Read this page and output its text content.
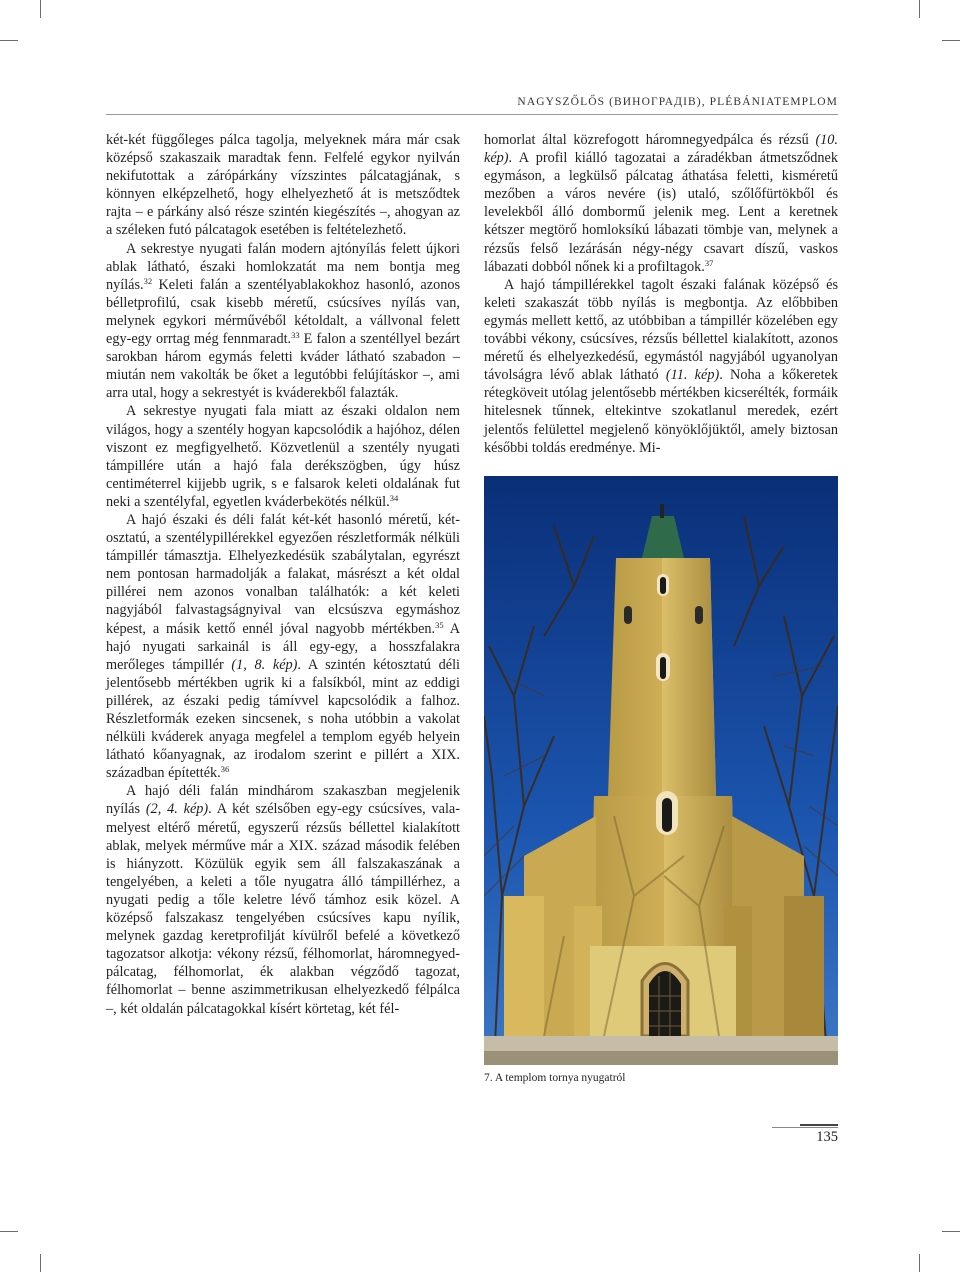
NAGYSZŐLŐS (ВИНОГРАДІВ), PLÉBÁNIATEMPLOM

két-két függőleges pálca tagolja, melyeknek mára már csak középső szakaszaik maradtak fenn. Felfelé egykor nyilván nekifutottak a zárópárkány vízszintes pálcatagjának, s könnyen elképzelhető, hogy elhelyezhető át is metsződtek rajta – e párkány alsó része szintén kiegészítés –, ahogyan az a széleken futó pálcatagok esetében is feltételezhető.

A sekrestye nyugati falán modern ajtónyílás felett újkori ablak látható, északi homlokzatát ma nem bontja meg nyílás.$^{32}$ Keleti falán a szentélyablakokhoz hasonló, azonos bélletprofilú, csak kisebb méretű, csúcsíves nyílás van, melynek egykori mérművéből kétoldalt, a vállvonal felett egy-egy orrtag még fennmaradt.$^{33}$ E falon a szentéllyel bezárt sarokban három egymás feletti kváder látható szabadon – miután nem vakolták be őket a legutóbbi felújításkor –, ami arra utal, hogy a sekrestyét is kváderekből falazták.

A sekrestye nyugati fala miatt az északi oldalon nem világos, hogy a szentély hogyan kapcsolódik a hajóhoz, délen viszont ez megfigyelhető. Közvetlenül a szentély nyugati támpillére után a hajó fala derékszögben, úgy húsz centiméterrel kijjebb ugrik, s e falsarok keleti oldalának fut neki a szentélyfal, egyetlen kváderbekötés nélkül.$^{34}$

A hajó északi és déli falát két-két hasonló méretű, kétosztatú, a szentélypillérekkel egyezően részletformák nélküli támpillér támasztja. Elhelyezkedésük szabálytalan, egyrészt nem pontosan harmadolják a falakat, másrészt a két oldal pillérei nem azonos vonalban találhatók: a két keleti nagyjából falvastagságnyival van elcsúszva egymáshoz képest, a másik kettő ennél jóval nagyobb mértékben.$^{35}$ A hajó nyugati sarkainál is áll egy-egy, a hosszfalakra merőleges támpillér (1, 8. kép). A szintén kétosztatú déli jelentősebb mértékben ugrik ki a falsíkból, mint az eddigi pillérek, az északi pedig támívvel kapcsolódik a falhoz. Részletformák ezeken sincsenek, s noha utóbbin a vakolat nélküli kváderek anyaga megfelel a templom egyéb helyein látható kőanyagnak, az irodalom szerint e pillért a XIX. században építették.$^{36}$

A hajó déli falán mindhárom szakaszban megjelenik nyílás (2, 4. kép). A két szélsőben egy-egy csúcsíves, valamelyest eltérő méretű, egyszerű rézsűs béllettel kialakított ablak, melyek mérműve már a XIX. század második felében is hiányzott. Közülük egyik sem áll falszakaszának a tengelyében, a keleti a tőle nyugatra álló támpillérhez, a nyugati pedig a tőle keletre lévő támhoz esik közel. A középső falszakasz tengelyében csúcsíves kapu nyílik, melynek gazdag keretprofilját kívülről befelé a következő tagozatsor alkotja: vékony rézsű, félhomorlat, háromnegyed-pálcatag, félhomorlat, ék alakban végződő tagozat, félhomorlat – benne aszimmetrikusan elhelyezkedő félpálca –, két oldalán pálcatagokkal kísért körtetag, két fél-

homorlat által közrefogott háromnegyedpálca és rézsű (10. kép). A profil kiálló tagozatai a záradékban átmetsződnek egymáson, a legkülső pálcatag áthatása feletti, kisméretű mezőben a város nevére (is) utaló, szőlőfürtökből és levelekből álló dombormű jelenik meg. Lent a keretnek kétszer megtörő homloksíkú lábazati tömbje van, melynek a rézsűs felső lezárásán négy-négy csavart díszű, vaskos lábazati dobból nőnek ki a profiltagok.$^{37}$

A hajó támpillérekkel tagolt északi falának középső és keleti szakaszát több nyílás is megbontja. Az előbbiben egymás mellett kettő, az utóbbiban a támpillér közelében egy további vékony, csúcsíves, rézsűs béllettel kialakított, azonos méretű és elhelyezkedésű, egymástól nagyjából ugyanolyan távolságra lévő ablak látható (11. kép). Noha a kőkeretek rétegköveit utólag jelentősebb mértékben kicserélték, formáik hitelesnek tűnnek, eltekintve szokatlanul meredek, ezért jelentős felülettel megjelenő könyöklőjüktől, amely biztosan későbbi toldás eredménye. Mi-

7. A templom tornya nyugatról
135
